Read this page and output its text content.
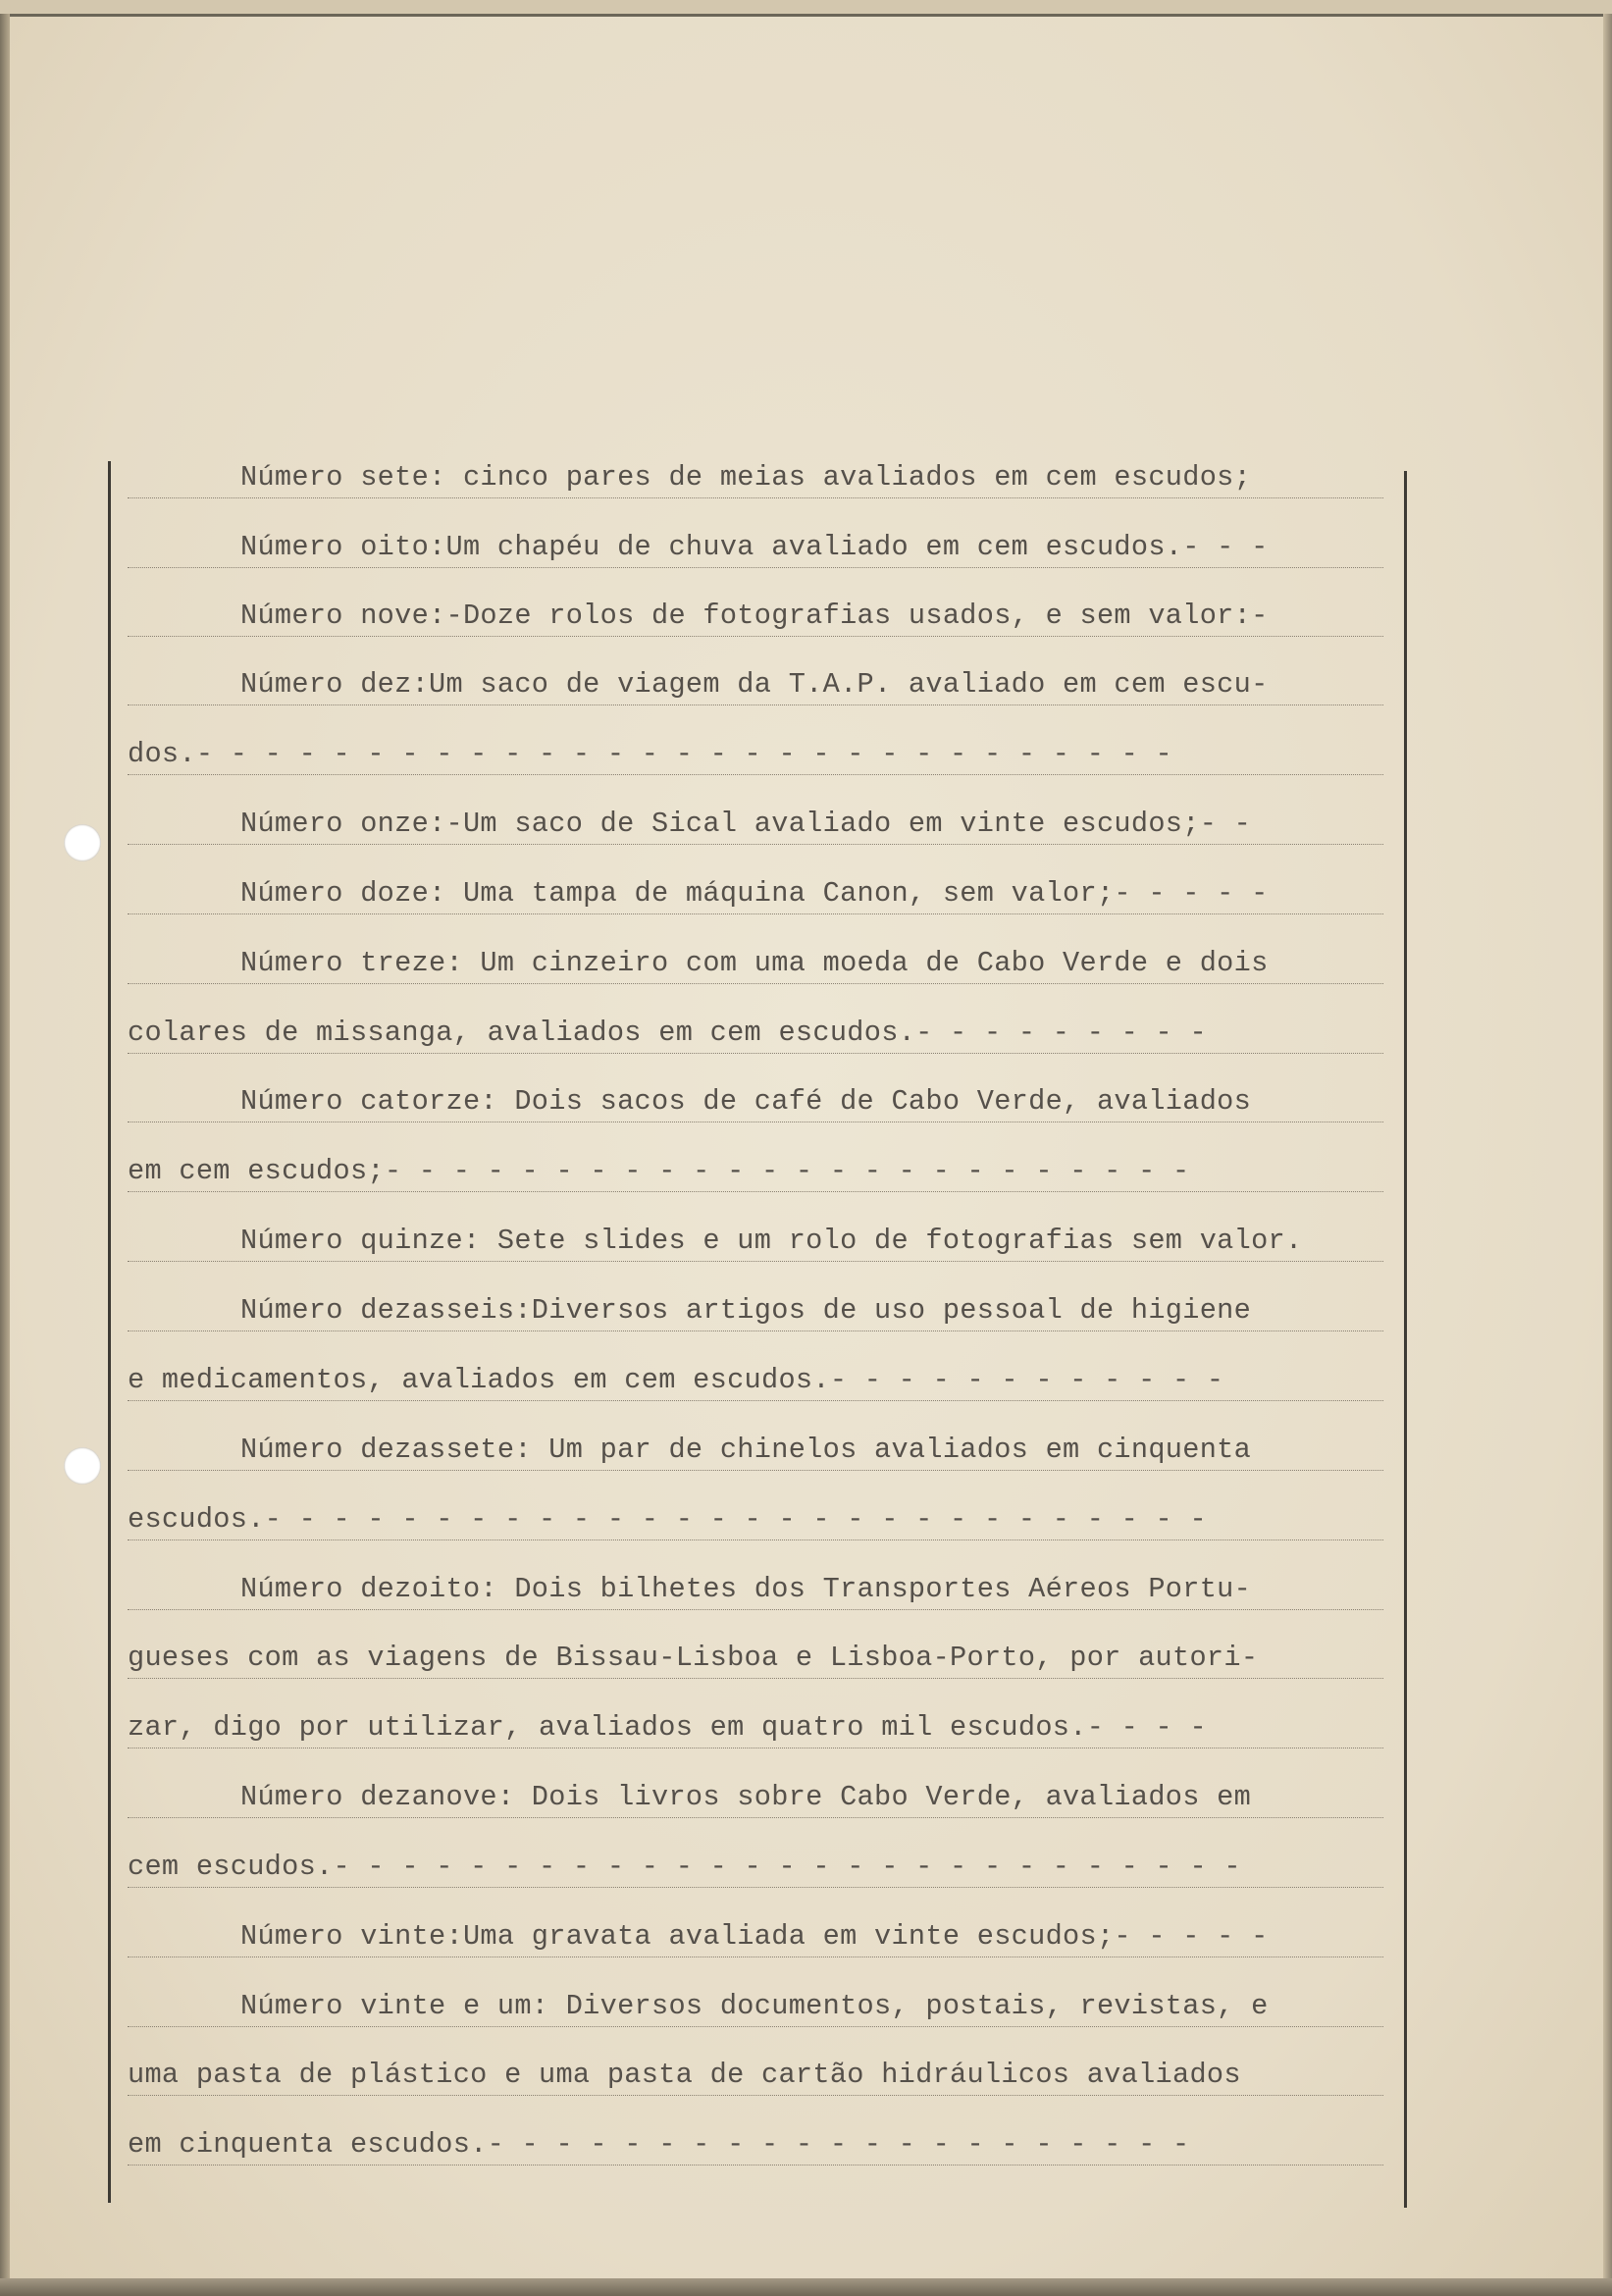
Número sete: cinco pares de meias avaliados em cem escudos;
Número oito:Um chapéu de chuva avaliado em cem escudos.- - -
Número nove:-Doze rolos de fotografias usados, e sem valor:-
Número dez:Um saco de viagem da T.A.P. avaliado em cem escu-
dos.- - - - - - - - - - - - - - - - - - - - - - - - - - - - -
Número onze:-Um saco de Sical avaliado em vinte escudos;- -
Número doze: Uma tampa de máquina Canon, sem valor;- - - - -
Número treze: Um cinzeiro com uma moeda de Cabo Verde e dois
colares de missanga, avaliados em cem escudos.- - - - - - - - -
Número catorze: Dois sacos de café de Cabo Verde, avaliados
em cem escudos;- - - - - - - - - - - - - - - - - - - - - - - -
Número quinze: Sete slides e um rolo de fotografias sem valor.
Número dezasseis:Diversos artigos de uso pessoal de higiene
e medicamentos, avaliados em cem escudos.- - - - - - - - - - - -
Número dezassete: Um par de chinelos avaliados em cinquenta
escudos.- - - - - - - - - - - - - - - - - - - - - - - - - - - -
Número dezoito: Dois bilhetes dos Transportes Aéreos Portu-
gueses com as viagens de Bissau-Lisboa e Lisboa-Porto, por autori-
zar, digo por utilizar, avaliados em quatro mil escudos.- - - -
Número dezanove: Dois livros sobre Cabo Verde, avaliados em
cem escudos.- - - - - - - - - - - - - - - - - - - - - - - - - - -
Número vinte:Uma gravata avaliada em vinte escudos;- - - - -
Número vinte e um: Diversos documentos, postais, revistas, e
uma pasta de plástico e uma pasta de cartão hidráulicos avaliados
em cinquenta escudos.- - - - - - - - - - - - - - - - - - - - -
